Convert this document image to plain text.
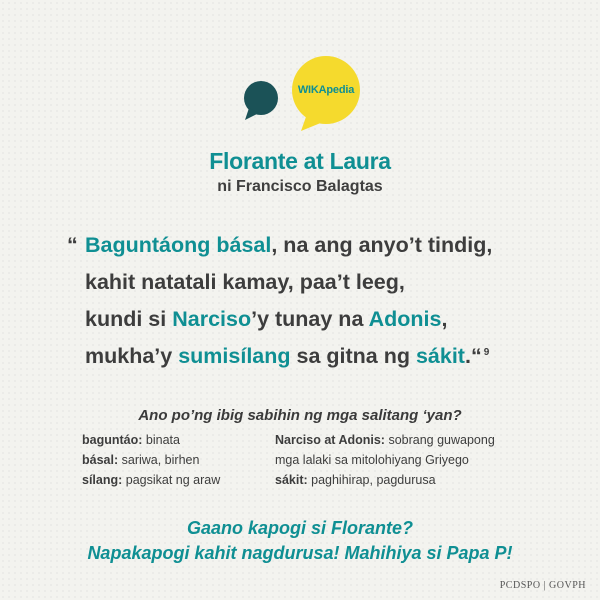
WIKApedia
Florante at Laura
ni Francisco Balagtas
“ Baguntáong básal, na ang anyo’t tindig,
kahit natatali kamay, paa’t leeg,
kundi si Narciso’y tunay na Adonis,
mukha’y sumisílang sa gitna ng sákit.“ $^9$
Ano po’ng ibig sabihin ng mga salitang ‘yan?
baguntáo: binata
básal: sariwa, birhen
sílang: pagsikat ng araw
Narciso at Adonis: sobrang guwapong
mga lalaki sa mitolohiyang Griyego
sákit: paghihirap, pagdurusa
Gaano kapogi si Florante?
Napakapogi kahit nagdurusa! Mahihiya si Papa P!
PCDSPO | GOVPH
